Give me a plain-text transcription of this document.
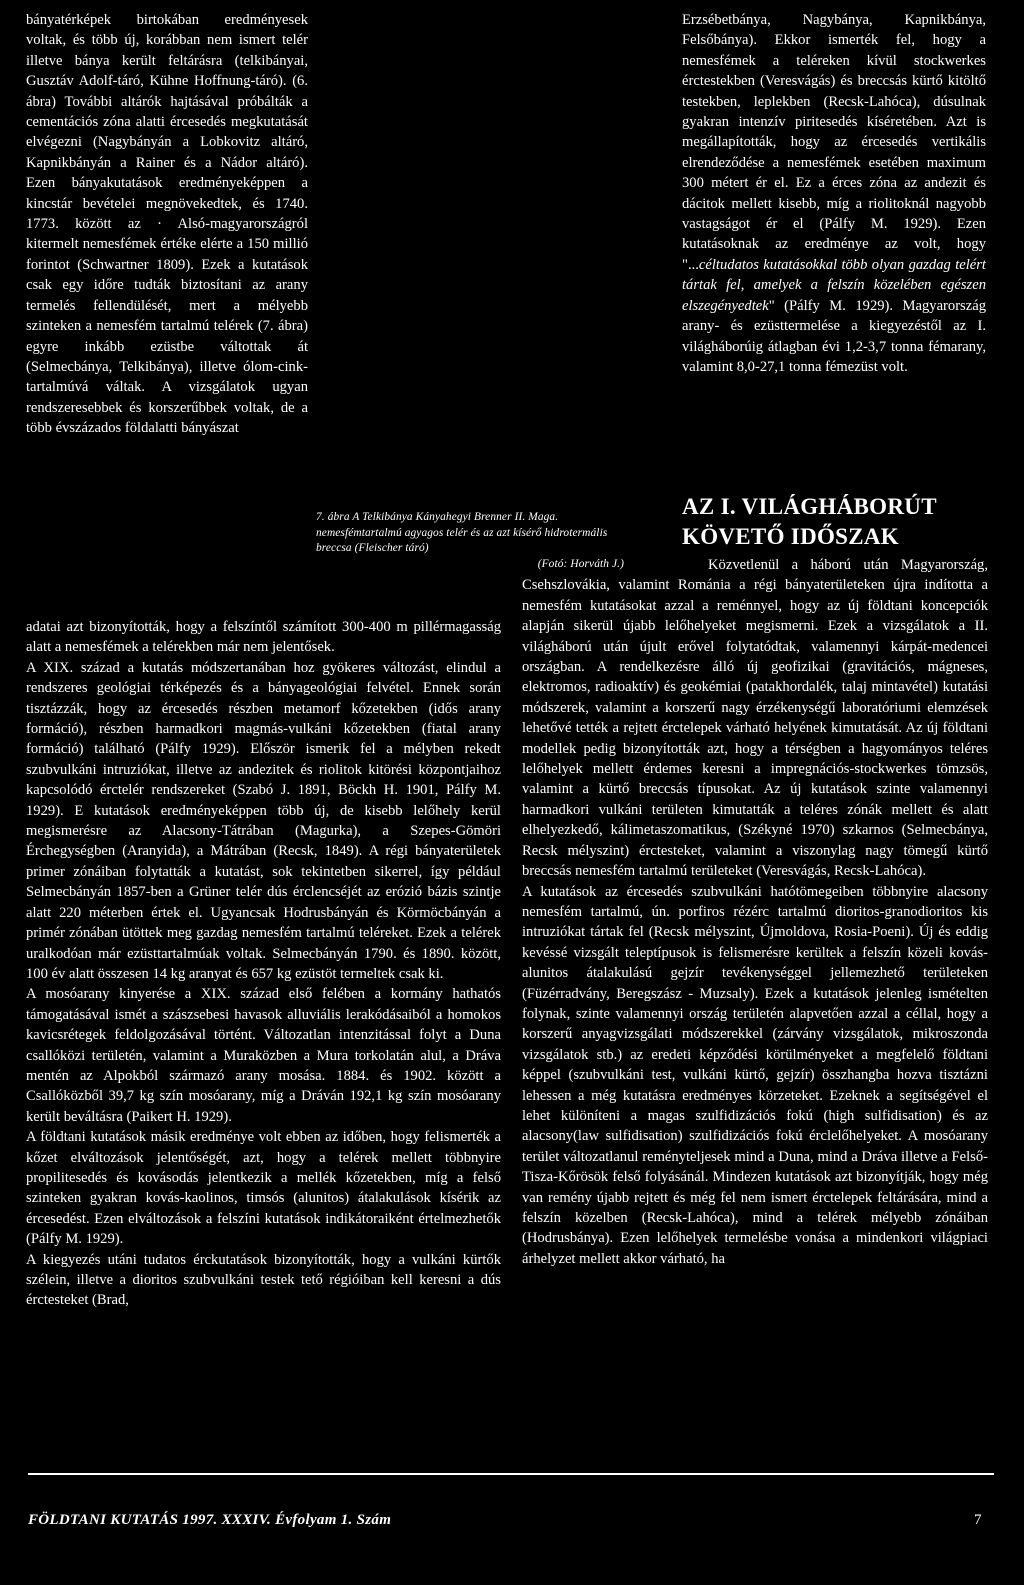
bányatérképek birtokában eredményesek voltak, és több új, korábban nem ismert telér illetve bánya került feltárásra (telkibányai, Gusztáv Adolf-táró, Kühne Hoffnung-táró). (6. ábra) További altárók hajtásával próbálták a cementációs zóna alatti ércesedés megkutatását elvégezni (Nagybányán a Lobkovitz altáró, Kapnikbányán a Rainer és a Nádor altáró). Ezen bányakutatások eredményeképpen a kincstár bevételei megnövekedtek, és 1740. 1773. között az · Alsó-magyarországról kitermelt nemesfémek értéke elérte a 150 millió forintot (Schwartner 1809). Ezek a kutatások csak egy időre tudták biztosítani az arany termelés fellendülését, mert a mélyebb szinteken a nemesfém tartalmú telérek (7. ábra) egyre inkább ezüstbe váltottak át (Selmecbánya, Telkibánya), illetve ólom-cink-tartalmúvá váltak. A vizsgálatok ugyan rendszeresebbek és korszerűbbek voltak, de a több évszázados földalatti bányászat

7. ábra A Telkibánya Kányahegyi Brenner II. Maga. nemesfémtartalmú agyagos telér és az azt kísérő hidrotermális breccsa (Fleischer táró)
(Fotó: Horváth J.)

adatai azt bizonyították, hogy a felszíntől számított 300-400 m pillérmagasság alatt a nemesfémek a telérekben már nem jelentősek.

A XIX. század a kutatás módszertanában hoz gyökeres változást, elindul a rendszeres geológiai térképezés és a bányageológiai felvétel. Ennek során tisztázzák, hogy az ércesedés részben metamorf kőzetekben (idős arany formáció), részben harmadkori magmás-vulkáni kőzetekben (fiatal arany formáció) található (Pálfy 1929). Először ismerik fel a mélyben rekedt szubvulkáni intruziókat, illetve az andezitek és riolitok kitörési központjaihoz kapcsolódó érctelér rendszereket (Szabó J. 1891, Böckh H. 1901, Pálfy M. 1929). E kutatások eredményeképpen több új, de kisebb lelőhely kerül megismerésre az Alacsony-Tátrában (Magurka), a Szepes-Gömöri Érchegységben (Aranyida), a Mátrában (Recsk, 1849). A régi bányaterületek primer zónáiban folytatták a kutatást, sok tekintetben sikerrel, így például Selmecbányán 1857-ben a Grüner telér dús érclencséjét az erózió bázis szintje alatt 220 méterben értek el. Ugyancsak Hodrusbányán és Körmöcbányán a primér zónában ütöttek meg gazdag nemesfém tartalmú teléreket. Ezek a telérek uralkodóan már ezüsttartalmúak voltak. Selmecbányán 1790. és 1890. között, 100 év alatt összesen 14 kg aranyat és 657 kg ezüstöt termeltek csak ki.

A mosóarany kinyerése a XIX. század első felében a kormány hathatós támogatásával ismét a szászsebesi havasok alluviális lerakódásaiból a homokos kavicsrétegek feldolgozásával történt. Változatlan intenzitással folyt a Duna csallóközi területén, valamint a Muraközben a Mura torkolatán alul, a Dráva mentén az Alpokból származó arany mosása. 1884. és 1902. között a Csallóközből 39,7 kg szín mosóarany, míg a Dráván 192,1 kg szín mosóarany került beváltásra (Paikert H. 1929).

A földtani kutatások másik eredménye volt ebben az időben, hogy felismerték a kőzet elváltozások jelentőségét, azt, hogy a telérek mellett többnyire propilitesedés és kovásodás jelentkezik a mellék kőzetekben, míg a felső szinteken gyakran kovás-kaolinos, timsós (alunitos) átalakulások kísérik az ércesedést. Ezen elváltozások a felszíni kutatások indikátoraiként értelmezhetők (Pálfy M. 1929).

A kiegyezés utáni tudatos érckutatások bizonyították, hogy a vulkáni kürtők szélein, illetve a dioritos szubvulkáni testek tető régióiban kell keresni a dús érctesteket (Brad,

Erzsébetbánya, Nagybánya, Kapnikbánya, Felsőbánya). Ekkor ismerték fel, hogy a nemesfémek a teléreken kívül stockwerkes érctestekben (Veresvágás) és breccsás kürtő kitöltő testekben, leplekben (Recsk-Lahóca), dúsulnak gyakran intenzív piritesedés kíséretében. Azt is megállapították, hogy az ércesedés vertikális elrendeződése a nemesfémek esetében maximum 300 métert ér el. Ez a érces zóna az andezit és dácitok mellett kisebb, míg a riolitoknál nagyobb vastagságot ér el (Pálfy M. 1929). Ezen kutatásoknak az eredménye az volt, hogy "...céltudatos kutatásokkal több olyan gazdag telért tártak fel, amelyek a felszín közelében egészen elszegényedtek" (Pálfy M. 1929). Magyarország arany- és ezüsttermelése a kiegyezéstől az I. világháborúig átlagban évi 1,2-3,7 tonna fémarany, valamint 8,0-27,1 tonna fémezüst volt.

AZ I. VILÁGHÁBORÚT
KÖVETŐ IDŐSZAK

Közvetlenül a háború után Magyarország, Csehszlovákia, valamint Románia a régi bányaterületeken újra indította a nemesfém kutatásokat azzal a reménnyel, hogy az új földtani koncepciók alapján sikerül újabb lelőhelyeket megismerni. Ezek a vizsgálatok a II. világháború után újult erővel folytatódtak, valamennyi kárpát-medencei országban. A rendelkezésre álló új geofizikai (gravitációs, mágneses, elektromos, radioaktív) és geokémiai (patakhordalék, talaj mintavétel) kutatási módszerek, valamint a korszerű nagy érzékenységű laboratóriumi elemzések lehetővé tették a rejtett érctelepek várható helyének kimutatását. Az új földtani modellek pedig bizonyították azt, hogy a térségben a hagyományos teléres lelőhelyek mellett érdemes keresni a impregnációs-stockwerkes tömzsös, valamint a kürtő breccsás típusokat. Az új kutatások szinte valamennyi harmadkori vulkáni területen kimutatták a teléres zónák mellett és alatt elhelyezkedő, kálimetaszomatikus, (Székyné 1970) szkarnos (Selmecbánya, Recsk mélyszint) érctesteket, valamint a viszonylag nagy tömegű kürtő breccsás nemesfém tartalmú területeket (Veresvágás, Recsk-Lahóca).

A kutatások az ércesedés szubvulkáni hatótömegeiben többnyire alacsony nemesfém tartalmú, ún. porfiros rézérc tartalmú dioritos-granodioritos kis intruziókat tártak fel (Recsk mélyszint, Újmoldova, Rosia-Poeni). Új és eddig kevéssé vizsgált teleptípusok is felismerésre kerültek a felszín közeli kovás-alunitos átalakulású gejzír tevékenységgel jellemezhető területeken (Füzérradvány, Beregszász - Muzsaly). Ezek a kutatások jelenleg ismételten folynak, szinte valamennyi ország területén alapvetően azzal a céllal, hogy a korszerű anyagvizsgálati módszerekkel (zárvány vizsgálatok, mikroszonda vizsgálatok stb.) az eredeti képződési körülményeket a megfelelő földtani képpel (szubvulkáni test, vulkáni kürtő, gejzír) összhangba hozva tisztázni lehessen a még kutatásra eredményes körzeteket. Ezeknek a segítségével el lehet különíteni a magas szulfidizációs fokú (high sulfidisation) és az alacsony(law sulfidisation) szulfidizációs fokú érclelőhelyeket. A mosóarany terület változatlanul reményteljesek mind a Duna, mind a Dráva illetve a Felső-Tisza-Kőrösök felső folyásánál. Mindezen kutatások azt bizonyítják, hogy még van remény újabb rejtett és még fel nem ismert érctelepek feltárására, mind a felszín közelben (Recsk-Lahóca), mind a telérek mélyebb zónáiban (Hodrusbánya). Ezen lelőhelyek termelésbe vonása a mindenkori világpiaci árhelyzet mellett akkor várható, ha

FÖLDTANI KUTATÁS 1997. XXXIV. Évfolyam 1. Szám	7
